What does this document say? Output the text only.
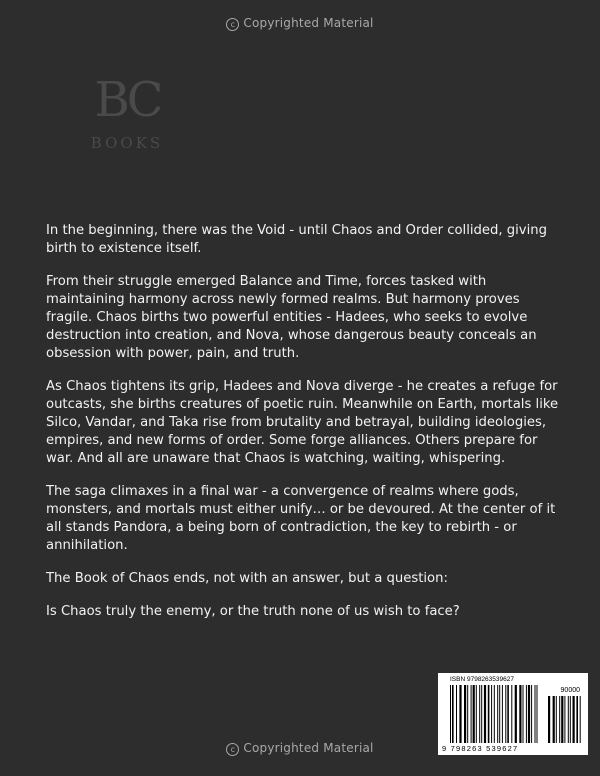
c Copyrighted Material
BC
BOOKS

In the beginning, there was the Void - until Chaos and Order collided, giving birth to existence itself.

From their struggle emerged Balance and Time, forces tasked with maintaining harmony across newly formed realms. But harmony proves fragile. Chaos births two powerful entities - Hadees, who seeks to evolve destruction into creation, and Nova, whose dangerous beauty conceals an obsession with power, pain, and truth.

As Chaos tightens its grip, Hadees and Nova diverge - he creates a refuge for outcasts, she births creatures of poetic ruin. Meanwhile on Earth, mortals like Silco, Vandar, and Taka rise from brutality and betrayal, building ideologies, empires, and new forms of order. Some forge alliances. Others prepare for war. And all are unaware that Chaos is watching, waiting, whispering.

The saga climaxes in a final war - a convergence of realms where gods, monsters, and mortals must either unify… or be devoured. At the center of it all stands Pandora, a being born of contradiction, the key to rebirth - or annihilation.

The Book of Chaos ends, not with an answer, but a question:

Is Chaos truly the enemy, or the truth none of us wish to face?

ISBN 9798263539627
90000
9 798263 539627
c Copyrighted Material
